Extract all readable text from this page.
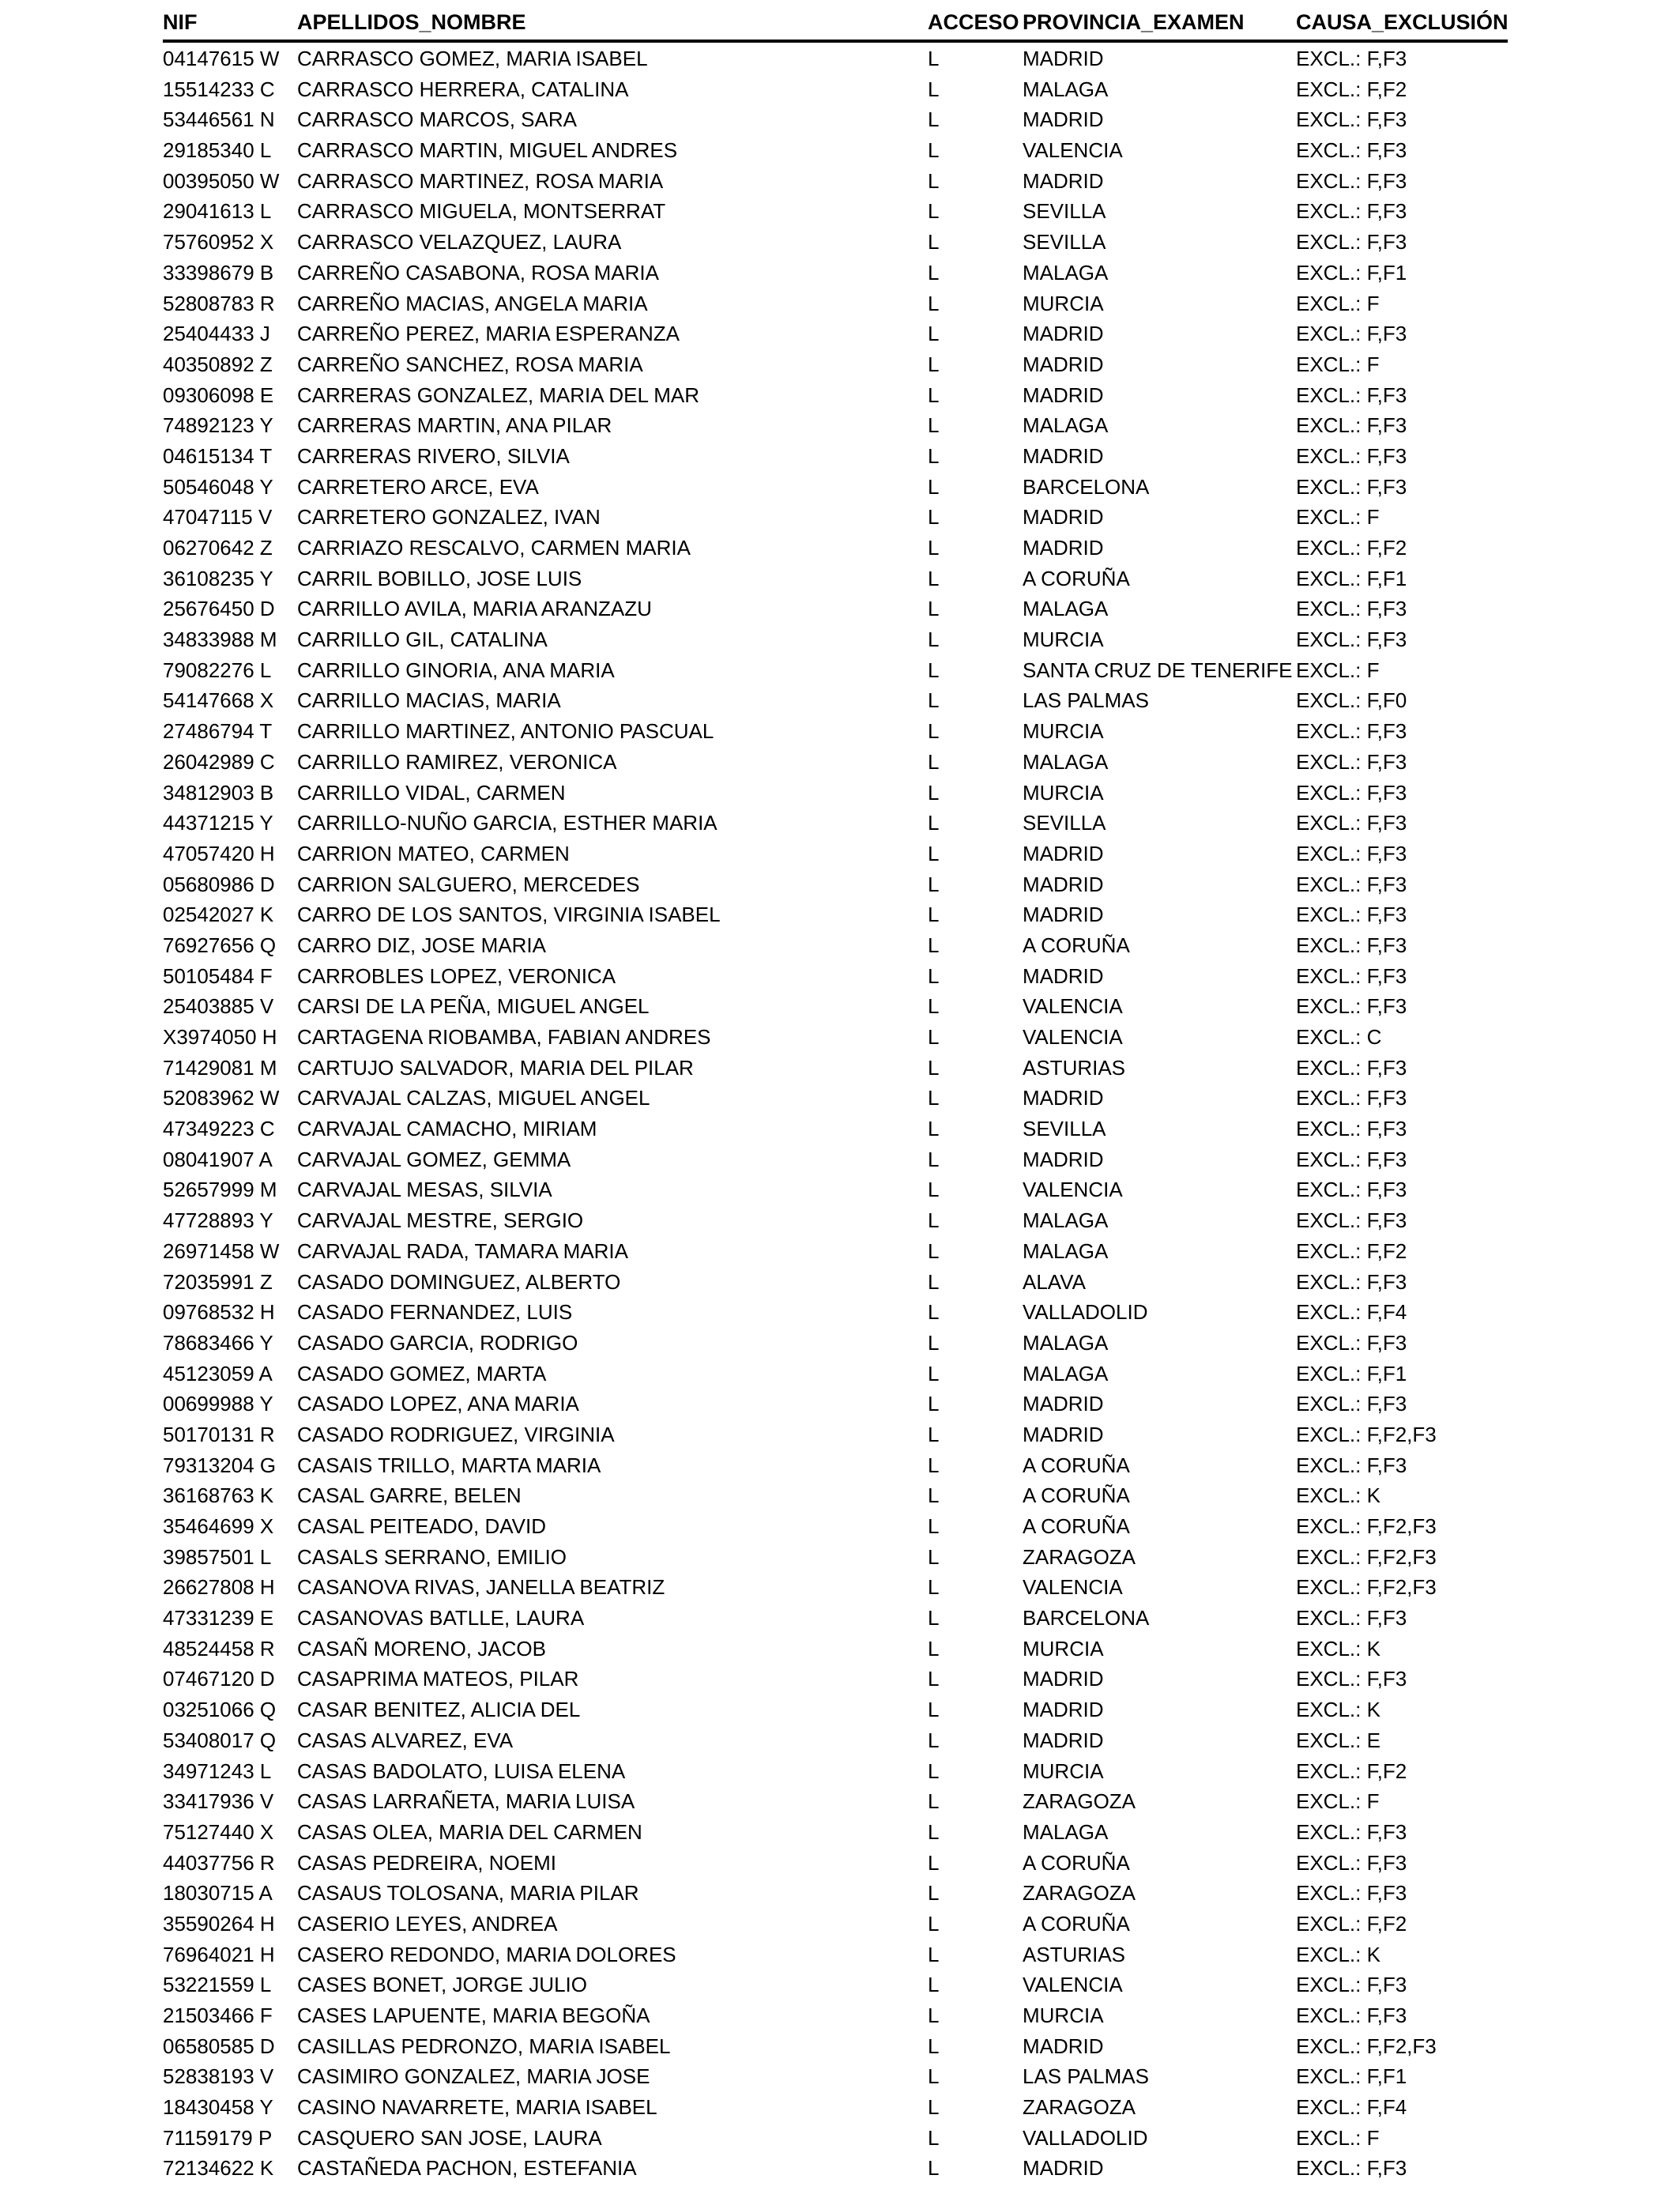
NIF	APELLIDOS_NOMBRE	ACCESO PROVINCIA_EXAMEN CAUSA_EXCLUSIÓN
04147615 W CARRASCO GOMEZ, MARIA ISABEL	L	MADRID	EXCL.: F,F3
15514233 C CARRASCO HERRERA, CATALINA	L	MALAGA	EXCL.: F,F2
53446561 N CARRASCO MARCOS, SARA	L	MADRID	EXCL.: F,F3
29185340 L CARRASCO MARTIN, MIGUEL ANDRES	L	VALENCIA	EXCL.: F,F3
00395050 W CARRASCO MARTINEZ, ROSA MARIA	L	MADRID	EXCL.: F,F3
29041613 L CARRASCO MIGUELA, MONTSERRAT	L	SEVILLA	EXCL.: F,F3
75760952 X CARRASCO VELAZQUEZ, LAURA	L	SEVILLA	EXCL.: F,F3
33398679 B CARREÑO CASABONA, ROSA MARIA	L	MALAGA	EXCL.: F,F1
52808783 R CARREÑO MACIAS, ANGELA MARIA	L	MURCIA	EXCL.: F
25404433 J CARREÑO PEREZ, MARIA ESPERANZA	L	MADRID	EXCL.: F,F3
40350892 Z CARREÑO SANCHEZ, ROSA MARIA	L	MADRID	EXCL.: F
09306098 E CARRERAS GONZALEZ, MARIA DEL MAR	L	MADRID	EXCL.: F,F3
74892123 Y CARRERAS MARTIN, ANA PILAR	L	MALAGA	EXCL.: F,F3
04615134 T CARRERAS RIVERO, SILVIA	L	MADRID	EXCL.: F,F3
50546048 Y CARRETERO ARCE, EVA	L	BARCELONA	EXCL.: F,F3
47047115 V CARRETERO GONZALEZ, IVAN	L	MADRID	EXCL.: F
06270642 Z CARRIAZO RESCALVO, CARMEN MARIA	L	MADRID	EXCL.: F,F2
36108235 Y CARRIL BOBILLO, JOSE LUIS	L	A CORUÑA	EXCL.: F,F1
25676450 D CARRILLO AVILA, MARIA ARANZAZU	L	MALAGA	EXCL.: F,F3
34833988 M CARRILLO GIL, CATALINA	L	MURCIA	EXCL.: F,F3
79082276 L CARRILLO GINORIA, ANA MARIA	L	SANTA CRUZ DE TENERIFE EXCL.: F
54147668 X CARRILLO MACIAS, MARIA	L	LAS PALMAS	EXCL.: F,F0
27486794 T CARRILLO MARTINEZ, ANTONIO PASCUAL	L	MURCIA	EXCL.: F,F3
26042989 C CARRILLO RAMIREZ, VERONICA	L	MALAGA	EXCL.: F,F3
34812903 B CARRILLO VIDAL, CARMEN	L	MURCIA	EXCL.: F,F3
44371215 Y CARRILLO-NUÑO GARCIA, ESTHER MARIA	L	SEVILLA	EXCL.: F,F3
47057420 H CARRION MATEO, CARMEN	L	MADRID	EXCL.: F,F3
05680986 D CARRION SALGUERO, MERCEDES	L	MADRID	EXCL.: F,F3
02542027 K CARRO DE LOS SANTOS, VIRGINIA ISABEL	L	MADRID	EXCL.: F,F3
76927656 Q CARRO DIZ, JOSE MARIA	L	A CORUÑA	EXCL.: F,F3
50105484 F CARROBLES LOPEZ, VERONICA	L	MADRID	EXCL.: F,F3
25403885 V CARSI DE LA PEÑA, MIGUEL ANGEL	L	VALENCIA	EXCL.: F,F3
X3974050 H CARTAGENA RIOBAMBA, FABIAN ANDRES	L	VALENCIA	EXCL.: C
71429081 M CARTUJO SALVADOR, MARIA DEL PILAR	L	ASTURIAS	EXCL.: F,F3
52083962 W CARVAJAL CALZAS, MIGUEL ANGEL	L	MADRID	EXCL.: F,F3
47349223 C CARVAJAL CAMACHO, MIRIAM	L	SEVILLA	EXCL.: F,F3
08041907 A CARVAJAL GOMEZ, GEMMA	L	MADRID	EXCL.: F,F3
52657999 M CARVAJAL MESAS, SILVIA	L	VALENCIA	EXCL.: F,F3
47728893 Y CARVAJAL MESTRE, SERGIO	L	MALAGA	EXCL.: F,F3
26971458 W CARVAJAL RADA, TAMARA MARIA	L	MALAGA	EXCL.: F,F2
72035991 Z CASADO DOMINGUEZ, ALBERTO	L	ALAVA	EXCL.: F,F3
09768532 H CASADO FERNANDEZ, LUIS	L	VALLADOLID	EXCL.: F,F4
78683466 Y CASADO GARCIA, RODRIGO	L	MALAGA	EXCL.: F,F3
45123059 A CASADO GOMEZ, MARTA	L	MALAGA	EXCL.: F,F1
00699988 Y CASADO LOPEZ, ANA MARIA	L	MADRID	EXCL.: F,F3
50170131 R CASADO RODRIGUEZ, VIRGINIA	L	MADRID	EXCL.: F,F2,F3
79313204 G CASAIS TRILLO, MARTA MARIA	L	A CORUÑA	EXCL.: F,F3
36168763 K CASAL GARRE, BELEN	L	A CORUÑA	EXCL.: K
35464699 X CASAL PEITEADO, DAVID	L	A CORUÑA	EXCL.: F,F2,F3
39857501 L CASALS SERRANO, EMILIO	L	ZARAGOZA	EXCL.: F,F2,F3
26627808 H CASANOVA RIVAS, JANELLA BEATRIZ	L	VALENCIA	EXCL.: F,F2,F3
47331239 E CASANOVAS BATLLE, LAURA	L	BARCELONA	EXCL.: F,F3
48524458 R CASAÑ MORENO, JACOB	L	MURCIA	EXCL.: K
07467120 D CASAPRIMA MATEOS, PILAR	L	MADRID	EXCL.: F,F3
03251066 Q CASAR BENITEZ, ALICIA DEL	L	MADRID	EXCL.: K
53408017 Q CASAS ALVAREZ, EVA	L	MADRID	EXCL.: E
34971243 L CASAS BADOLATO, LUISA ELENA	L	MURCIA	EXCL.: F,F2
33417936 V CASAS LARRAÑETA, MARIA LUISA	L	ZARAGOZA	EXCL.: F
75127440 X CASAS OLEA, MARIA DEL CARMEN	L	MALAGA	EXCL.: F,F3
44037756 R CASAS PEDREIRA, NOEMI	L	A CORUÑA	EXCL.: F,F3
18030715 A CASAUS TOLOSANA, MARIA PILAR	L	ZARAGOZA	EXCL.: F,F3
35590264 H CASERIO LEYES, ANDREA	L	A CORUÑA	EXCL.: F,F2
76964021 H CASERO REDONDO, MARIA DOLORES	L	ASTURIAS	EXCL.: K
53221559 L CASES BONET, JORGE JULIO	L	VALENCIA	EXCL.: F,F3
21503466 F CASES LAPUENTE, MARIA BEGOÑA	L	MURCIA	EXCL.: F,F3
06580585 D CASILLAS PEDRONZO, MARIA ISABEL	L	MADRID	EXCL.: F,F2,F3
52838193 V CASIMIRO GONZALEZ, MARIA JOSE	L	LAS PALMAS	EXCL.: F,F1
18430458 Y CASINO NAVARRETE, MARIA ISABEL	L	ZARAGOZA	EXCL.: F,F4
71159179 P CASQUERO SAN JOSE, LAURA	L	VALLADOLID	EXCL.: F
72134622 K CASTAÑEDA PACHON, ESTEFANIA	L	MADRID	EXCL.: F,F3
